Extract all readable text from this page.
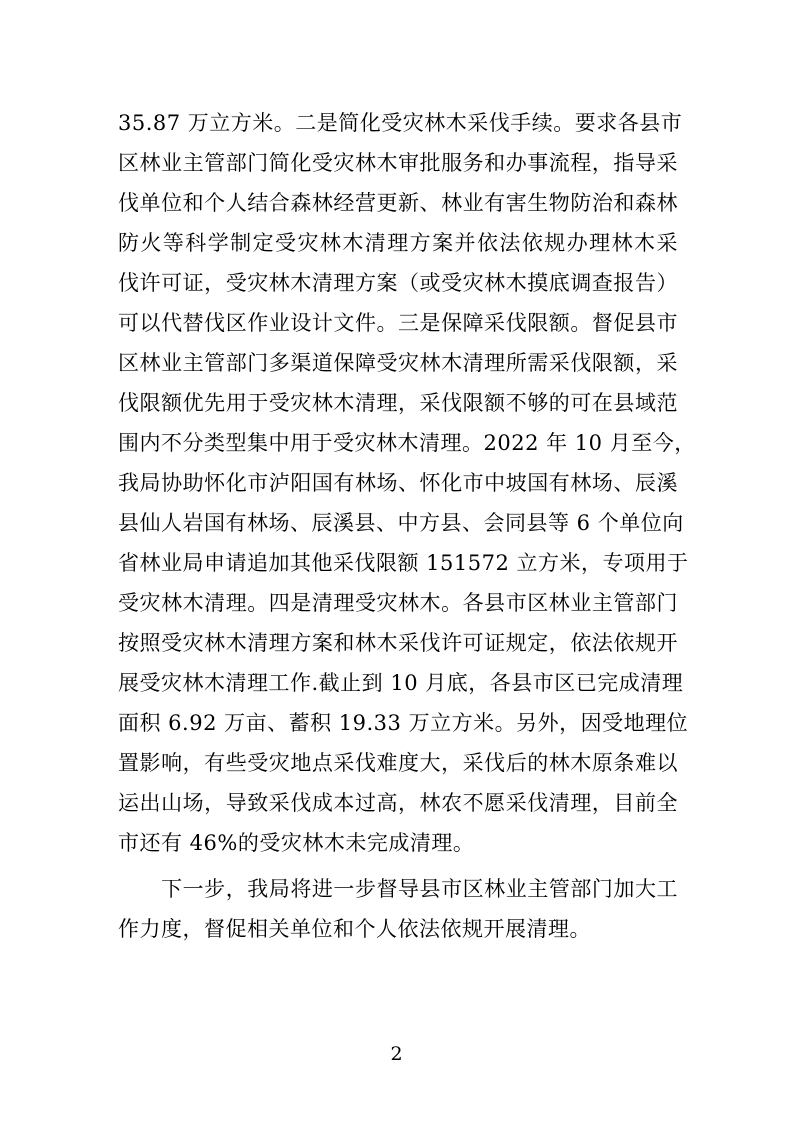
35.87 万立方米。二是简化受灾林木采伐手续。要求各县市
区林业主管部门简化受灾林木审批服务和办事流程，指导采
伐单位和个人结合森林经营更新、林业有害生物防治和森林
防火等科学制定受灾林木清理方案并依法依规办理林木采
伐许可证，受灾林木清理方案（或受灾林木摸底调查报告）
可以代替伐区作业设计文件。三是保障采伐限额。督促县市
区林业主管部门多渠道保障受灾林木清理所需采伐限额，采
伐限额优先用于受灾林木清理，采伐限额不够的可在县域范
围内不分类型集中用于受灾林木清理。2022 年 10 月至今，
我局协助怀化市泸阳国有林场、怀化市中坡国有林场、辰溪
县仙人岩国有林场、辰溪县、中方县、会同县等 6 个单位向
省林业局申请追加其他采伐限额 151572 立方米，专项用于
受灾林木清理。四是清理受灾林木。各县市区林业主管部门
按照受灾林木清理方案和林木采伐许可证规定，依法依规开
展受灾林木清理工作.截止到 10 月底，各县市区已完成清理
面积 6.92 万亩、蓄积 19.33 万立方米。另外，因受地理位
置影响，有些受灾地点采伐难度大，采伐后的林木原条难以
运出山场，导致采伐成本过高，林农不愿采伐清理，目前全
市还有 46%的受灾林木未完成清理。
　　下一步，我局将进一步督导县市区林业主管部门加大工
作力度，督促相关单位和个人依法依规开展清理。
2
